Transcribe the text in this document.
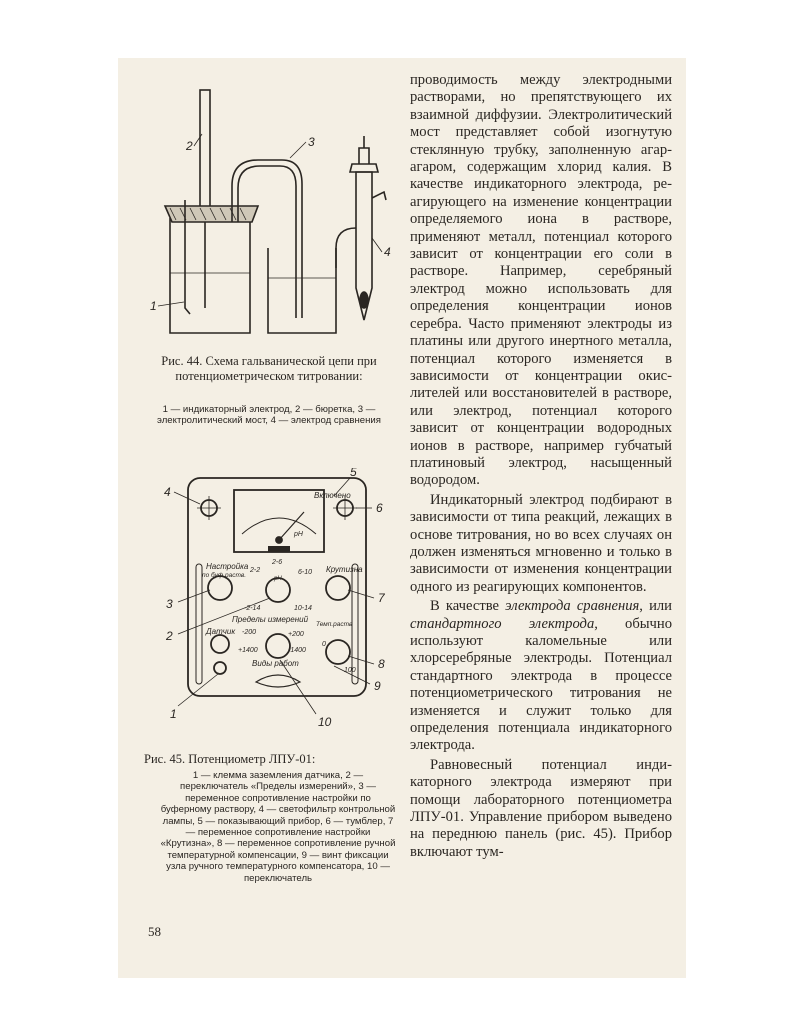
1
2	3
4
Рис. 44. Схема гальванической цепи при потенциометрическом титровании:
1 — индикаторный электрод, 2 — бюретка, 3 — электролитический мост, 4 — электрод сравнения
Включено
Настройка
по буф.раств.
Крутизна
2-2
-2-14
2-6
6-10
10-14
pH
Пределы измерений
Датчик -200
+1400
+200
-1400
Темп.раств
0
100
Виды работ
pH
4
5
6
3
2
7
8
9
1
10
Рис. 45. Потенциометр ЛПУ-01:
1 — клемма заземления датчика, 2 — переключатель «Пределы измерений», 3 — переменное сопротивление настройки по буферному раствору, 4 — светофильтр контрольной лампы, 5 — показывающий прибор, 6 — тумблер, 7 — переменное сопротивление настройки «Крутизна», 8 — переменное сопротивление ручной температурной компенсации, 9 — винт фиксации узла ручного температурного компенсатора, 10 — переключатель

проводимость между электродными растворами, но препятствующего их взаимной диффузии. Электролитический мост представляет собой изогнутую стеклянную трубку, заполненную агар-агаром, содержащим хлорид калия. В качестве индикаторного электрода, реагирующего на изменение концентрации определяемого иона в растворе, применяют металл, потенциал которого зависит от концентрации его соли в растворе. Например, серебряный электрод можно использовать для определения концентрации ионов серебра. Часто применяют электроды из платины или другого инертного металла, потенциал которого изменяется в зависимости от концентрации окислителей или восстановителей в растворе, или электрод, потенциал которого зависит от концентрации водородных ионов в растворе, например губчатый платиновый электрод, насыщенный водородом.

Индикаторный электрод подбирают в зависимости от типа реакций, лежащих в основе титрования, но во всех случаях он должен изменяться мгновенно и только в зависимости от изменения концентрации одного из реагирующих компонентов.

В качестве электрода сравнения, или стандартного электрода, обычно используют каломельные или хлорсеребряные электроды. Потенциал стандартного электрода в процессе потенциометрического титрования не изменяется и служит только для определения потенциала индикаторного электрода.

Равновесный потенциал индикаторного электрода измеряют при помощи лабораторного потенциометра ЛПУ-01. Управление прибором выведено на переднюю панель (рис. 45). Прибор включают тум-

58
